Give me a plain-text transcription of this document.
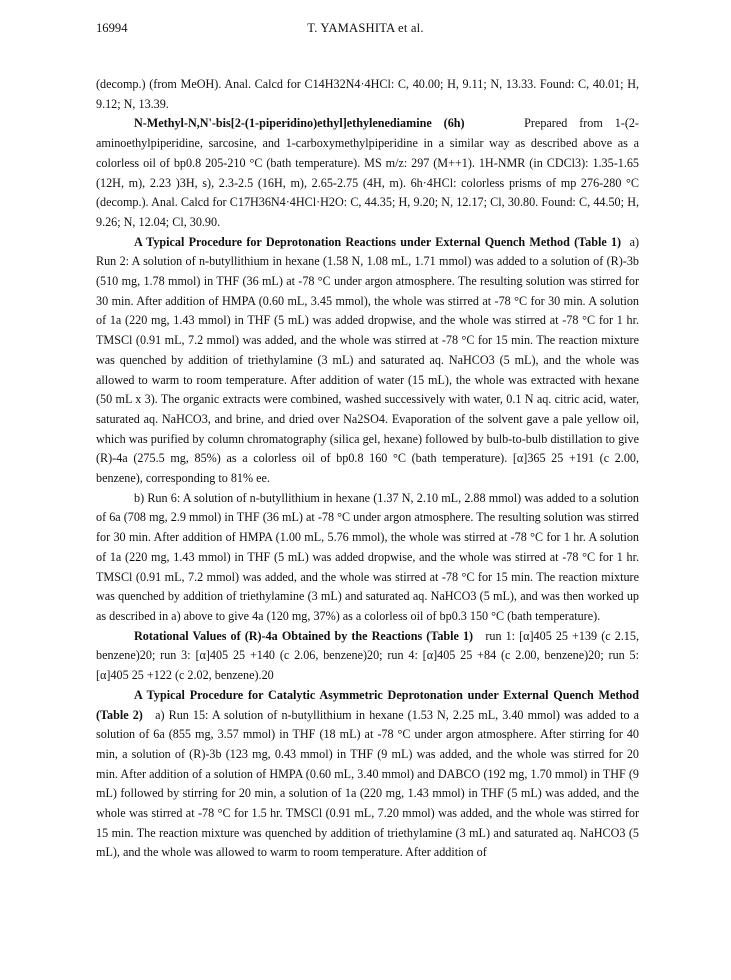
16994	T. YAMASHITA et al.

(decomp.) (from MeOH). Anal. Calcd for C14H32N4·4HCl: C, 40.00; H, 9.11; N, 13.33. Found: C, 40.01; H, 9.12; N, 13.39.

N-Methyl-N,N'-bis[2-(1-piperidino)ethyl]ethylenediamine (6h)	Prepared from 1-(2-aminoethylpiperidine, sarcosine, and 1-carboxymethylpiperidine in a similar way as described above as a colorless oil of bp0.8 205-210 °C (bath temperature). MS m/z: 297 (M++1). 1H-NMR (in CDCl3): 1.35-1.65 (12H, m), 2.23 )3H, s), 2.3-2.5 (16H, m), 2.65-2.75 (4H, m). 6h·4HCl: colorless prisms of mp 276-280 °C (decomp.). Anal. Calcd for C17H36N4·4HCl·H2O: C, 44.35; H, 9.20; N, 12.17; Cl, 30.80. Found: C, 44.50; H, 9.26; N, 12.04; Cl, 30.90.

A Typical Procedure for Deprotonation Reactions under External Quench Method (Table 1) a) Run 2: A solution of n-butyllithium in hexane (1.58 N, 1.08 mL, 1.71 mmol) was added to a solution of (R)-3b (510 mg, 1.78 mmol) in THF (36 mL) at -78 °C under argon atmosphere. The resulting solution was stirred for 30 min. After addition of HMPA (0.60 mL, 3.45 mmol), the whole was stirred at -78 °C for 30 min. A solution of 1a (220 mg, 1.43 mmol) in THF (5 mL) was added dropwise, and the whole was stirred at -78 °C for 1 hr. TMSCl (0.91 mL, 7.2 mmol) was added, and the whole was stirred at -78 °C for 15 min. The reaction mixture was quenched by addition of triethylamine (3 mL) and saturated aq. NaHCO3 (5 mL), and the whole was allowed to warm to room temperature. After addition of water (15 mL), the whole was extracted with hexane (50 mL x 3). The organic extracts were combined, washed successively with water, 0.1 N aq. citric acid, water, saturated aq. NaHCO3, and brine, and dried over Na2SO4. Evaporation of the solvent gave a pale yellow oil, which was purified by column chromatography (silica gel, hexane) followed by bulb-to-bulb distillation to give (R)-4a (275.5 mg, 85%) as a colorless oil of bp0.8 160 °C (bath temperature). [α]365 25 +191 (c 2.00, benzene), corresponding to 81% ee.

b) Run 6: A solution of n-butyllithium in hexane (1.37 N, 2.10 mL, 2.88 mmol) was added to a solution of 6a (708 mg, 2.9 mmol) in THF (36 mL) at -78 °C under argon atmosphere. The resulting solution was stirred for 30 min. After addition of HMPA (1.00 mL, 5.76 mmol), the whole was stirred at -78 °C for 1 hr. A solution of 1a (220 mg, 1.43 mmol) in THF (5 mL) was added dropwise, and the whole was stirred at -78 °C for 1 hr. TMSCl (0.91 mL, 7.2 mmol) was added, and the whole was stirred at -78 °C for 15 min. The reaction mixture was quenched by addition of triethylamine (3 mL) and saturated aq. NaHCO3 (5 mL), and was then worked up as described in a) above to give 4a (120 mg, 37%) as a colorless oil of bp0.3 150 °C (bath temperature).

Rotational Values of (R)-4a Obtained by the Reactions (Table 1) run 1: [α]405 25 +139 (c 2.15, benzene)20; run 3: [α]405 25 +140 (c 2.06, benzene)20; run 4: [α]405 25 +84 (c 2.00, benzene)20; run 5: [α]405 25 +122 (c 2.02, benzene).20

A Typical Procedure for Catalytic Asymmetric Deprotonation under External Quench Method (Table 2) a) Run 15: A solution of n-butyllithium in hexane (1.53 N, 2.25 mL, 3.40 mmol) was added to a solution of 6a (855 mg, 3.57 mmol) in THF (18 mL) at -78 °C under argon atmosphere. After stirring for 40 min, a solution of (R)-3b (123 mg, 0.43 mmol) in THF (9 mL) was added, and the whole was stirred for 20 min. After addition of a solution of HMPA (0.60 mL, 3.40 mmol) and DABCO (192 mg, 1.70 mmol) in THF (9 mL) followed by stirring for 20 min, a solution of 1a (220 mg, 1.43 mmol) in THF (5 mL) was added, and the whole was stirred at -78 °C for 1.5 hr. TMSCl (0.91 mL, 7.20 mmol) was added, and the whole was stirred for 15 min. The reaction mixture was quenched by addition of triethylamine (3 mL) and saturated aq. NaHCO3 (5 mL), and the whole was allowed to warm to room temperature. After addition of
